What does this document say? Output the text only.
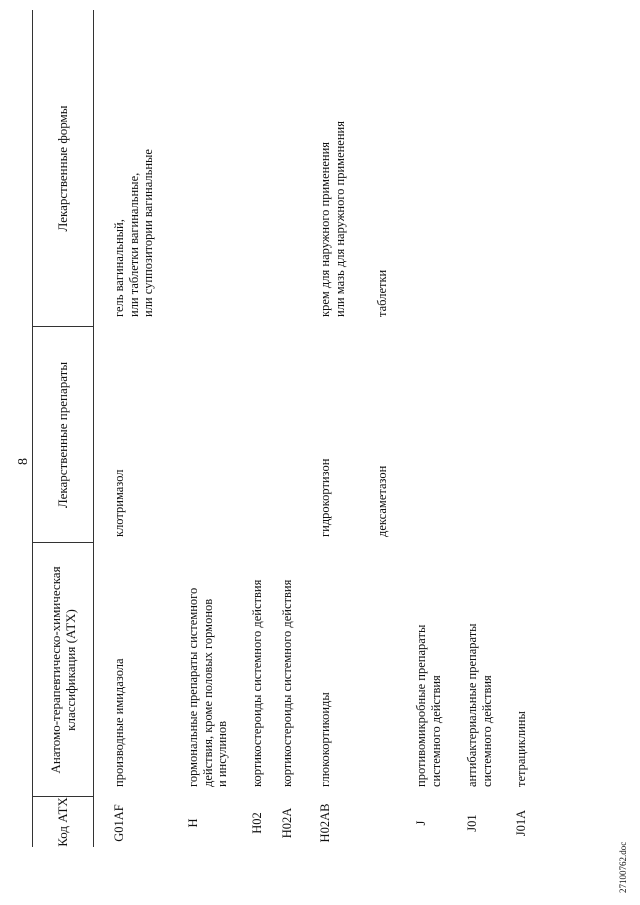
8
Код АТХ
Анатомо-терапевтическо-химическая классификация (АТХ)
Лекарственные препараты
Лекарственные формы
G01AF
производные имидазола
клотримазол
гель вагинальный, или таблетки вагинальные, или суппозитории вагинальные
H
гормональные препараты системного действия, кроме половых гормонов и инсулинов
H02
кортикостероиды системного действия
H02A
кортикостероиды системного действия
H02AB
глюкокортикоиды
гидрокортизон
крем для наружного применения или мазь для наружного применения
дексаметазон
таблетки
J
противомикробные препараты системного действия
J01
антибактериальные препараты системного действия
J01A
тетрациклины
27100762.doc
